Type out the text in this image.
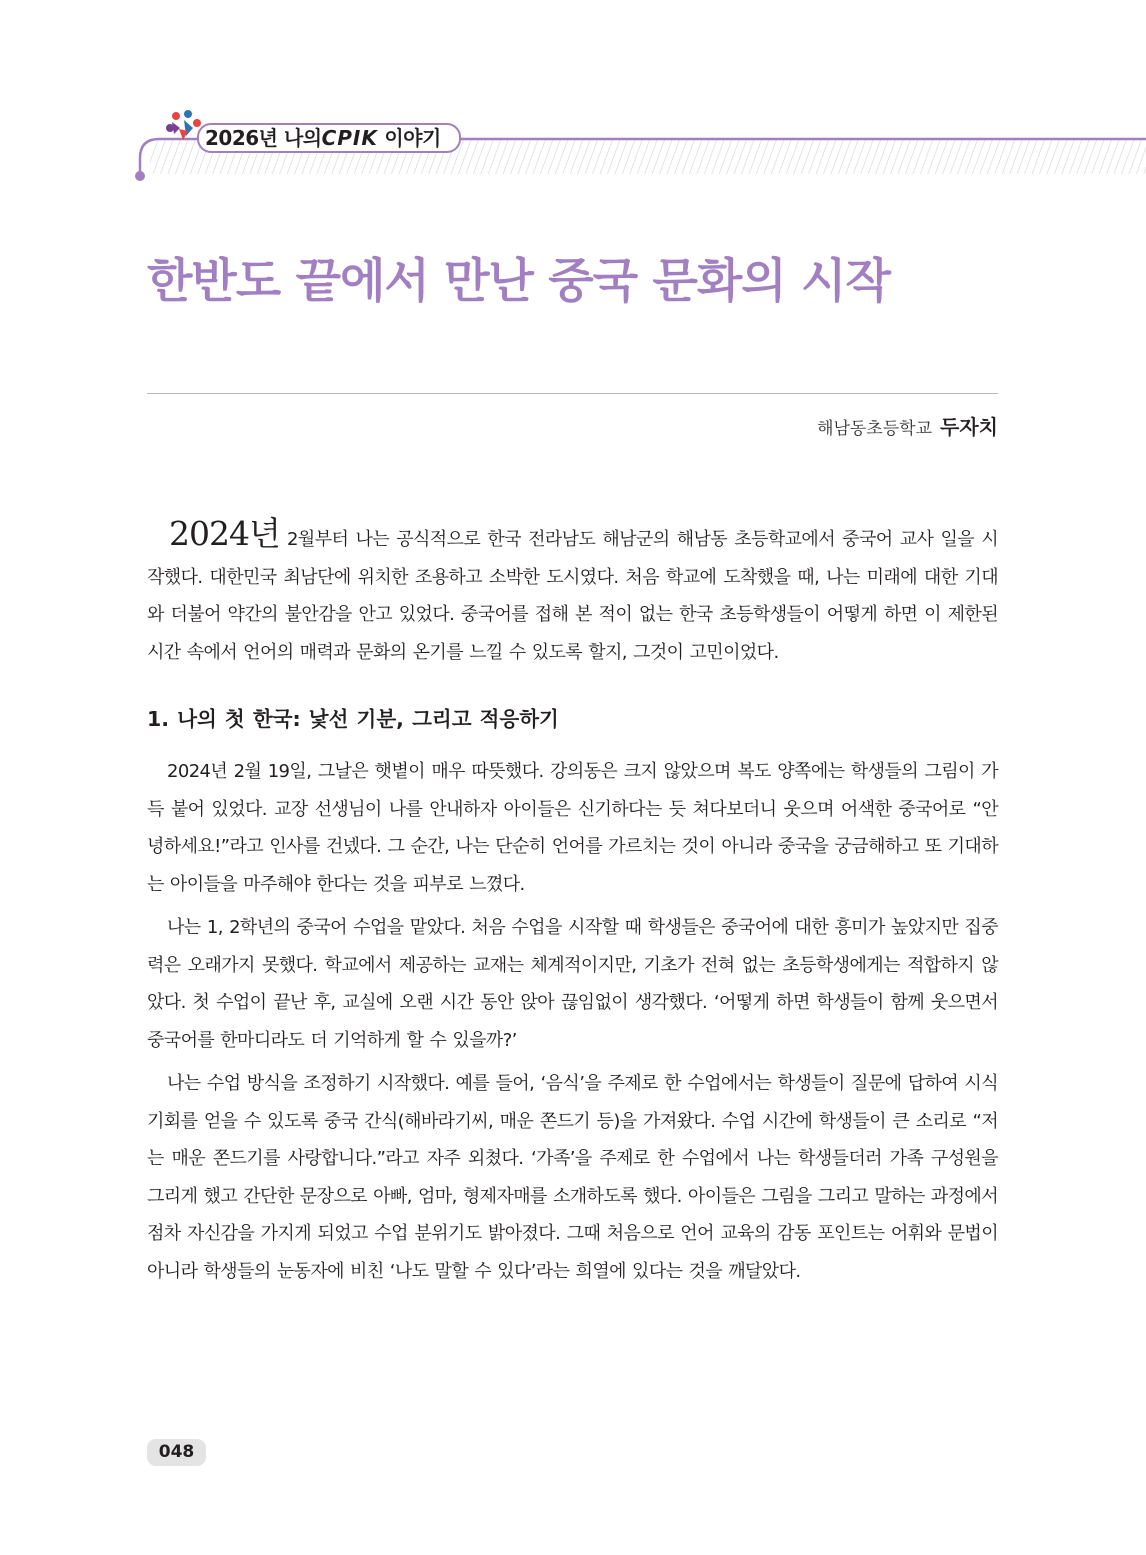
2026년 나의CPIK 이야기
한반도 끝에서 만난 중국 문화의 시작
해남동초등학교 두자치

2024년 2월부터 나는 공식적으로 한국 전라남도 해남군의 해남동 초등학교에서 중국어 교사 일을 시작했다. 대한민국 최남단에 위치한 조용하고 소박한 도시였다. 처음 학교에 도착했을 때, 나는 미래에 대한 기대와 더불어 약간의 불안감을 안고 있었다. 중국어를 접해 본 적이 없는 한국 초등학생들이 어떻게 하면 이 제한된 시간 속에서 언어의 매력과 문화의 온기를 느낄 수 있도록 할지, 그것이 고민이었다.

1. 나의 첫 한국: 낯선 기분, 그리고 적응하기

2024년 2월 19일, 그날은 햇볕이 매우 따뜻했다. 강의동은 크지 않았으며 복도 양쪽에는 학생들의 그림이 가득 붙어 있었다. 교장 선생님이 나를 안내하자 아이들은 신기하다는 듯 쳐다보더니 웃으며 어색한 중국어로 “안녕하세요!”라고 인사를 건넸다. 그 순간, 나는 단순히 언어를 가르치는 것이 아니라 중국을 궁금해하고 또 기대하는 아이들을 마주해야 한다는 것을 피부로 느꼈다.

나는 1, 2학년의 중국어 수업을 맡았다. 처음 수업을 시작할 때 학생들은 중국어에 대한 흥미가 높았지만 집중력은 오래가지 못했다. 학교에서 제공하는 교재는 체계적이지만, 기초가 전혀 없는 초등학생에게는 적합하지 않았다. 첫 수업이 끝난 후, 교실에 오랜 시간 동안 앉아 끊임없이 생각했다. ‘어떻게 하면 학생들이 함께 웃으면서 중국어를 한마디라도 더 기억하게 할 수 있을까?’

나는 수업 방식을 조정하기 시작했다. 예를 들어, ‘음식’을 주제로 한 수업에서는 학생들이 질문에 답하여 시식 기회를 얻을 수 있도록 중국 간식(해바라기씨, 매운 쫀드기 등)을 가져왔다. 수업 시간에 학생들이 큰 소리로 “저는 매운 쫀드기를 사랑합니다.”라고 자주 외쳤다. ‘가족’을 주제로 한 수업에서 나는 학생들더러 가족 구성원을 그리게 했고 간단한 문장으로 아빠, 엄마, 형제자매를 소개하도록 했다. 아이들은 그림을 그리고 말하는 과정에서 점차 자신감을 가지게 되었고 수업 분위기도 밝아졌다. 그때 처음으로 언어 교육의 감동 포인트는 어휘와 문법이 아니라 학생들의 눈동자에 비친 ‘나도 말할 수 있다’라는 희열에 있다는 것을 깨달았다.

048
